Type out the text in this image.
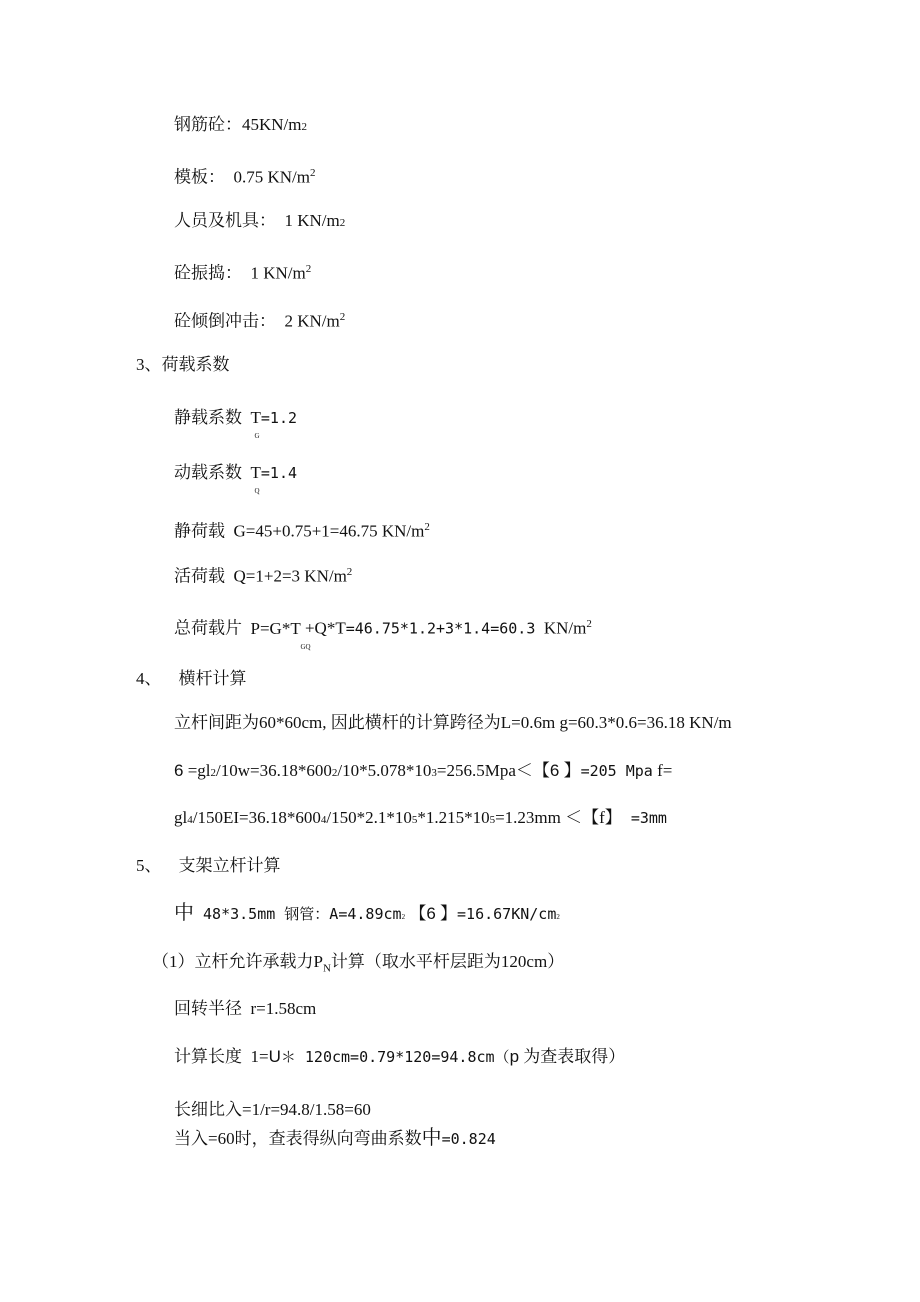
钢筋砼：45KN/m2
模板： 0.75 $KN/m^2$
人员及机具： 1 KN/m2
砼振捣： 1 $KN/m^2$
砼倾倒冲击： 2 $KN/m^2$
3、荷载系数
静载系数 T
G
=1.2
动载系数 T
Q
=1.4
静荷载 G=45+0.75+1=46.75 $KN/m^2$
活荷载 Q=1+2=3 $KN/m^2$
总荷载片 P=G*T
GQ
+Q*T=46.75*1.2+3*1.4=60.3 $KN/m^2$
4、 横杆计算
立杆间距为60*60cm, 因此横杆的计算跨径为L=0.6m g=60.3*0.6=36.18 KN/m
6 =gl2/10w=36.18*6002/10*5.078*103=256.5Mpa＜【6 】=205 Mpa f=
gl4/150EI=36.18*6004/150*2.1*105*1.215*105=1.23mm ＜【f】 =3mm
5、 支架立杆计算
中 48*3.5mm 钢管：A=4.89cm2 【6 】=16.67KN/cm2
（1）立杆允许承载力$P_N$计算（取水平杆层距为120cm）
回转半径 r=1.58cm
计算长度 1=U＊ 120cm=0.79*120=94.8cm（p 为查表取得）
长细比入=1/r=94.8/1.58=60
当入=60时，查表得纵向弯曲系数中=0.824
